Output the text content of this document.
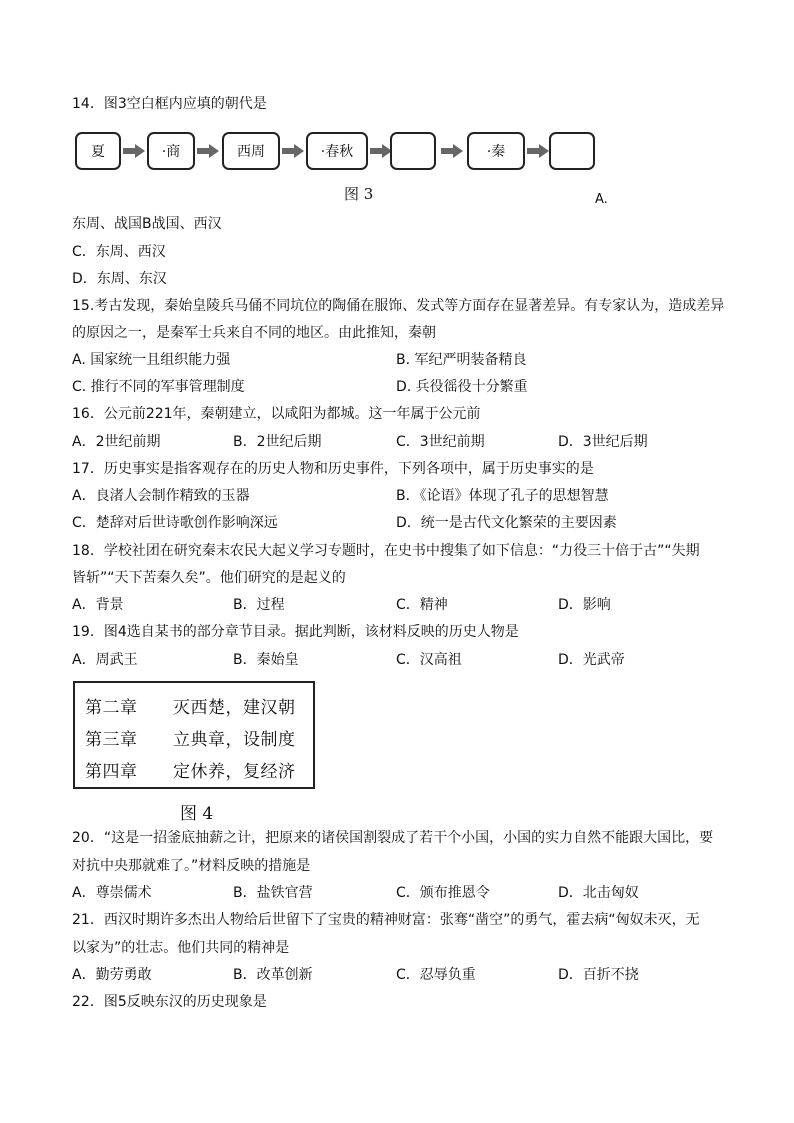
14．图3空白框内应填的朝代是
夏	·商	西周	·春秋	·秦
图 3	A.
东周、战国B战国、西汉
C．东周、西汉
D．东周、东汉
15.考古发现，秦始皇陵兵马俑不同坑位的陶俑在服饰、发式等方面存在显著差异。有专家认为，造成差异
的原因之一，是秦军士兵来自不同的地区。由此推知，秦朝
A. 国家统一且组织能力强	B. 军纪严明装备精良
C. 推行不同的军事管理制度	D. 兵役徭役十分繁重
16．公元前221年，秦朝建立，以咸阳为都城。这一年属于公元前
A．2世纪前期	B．2世纪后期	C．3世纪前期	D．3世纪后期
17．历史事实是指客观存在的历史人物和历史事件，下列各项中，属于历史事实的是
A．良渚人会制作精致的玉器	B．《论语》体现了孔子的思想智慧
C．楚辞对后世诗歌创作影响深远	D．统一是古代文化繁荣的主要因素
18．学校社团在研究秦末农民大起义学习专题时，在史书中搜集了如下信息：“力役三十倍于古”“失期
皆斩”“天下苦秦久矣”。他们研究的是起义的
A．背景	B．过程	C．精神	D．影响
19．图4选自某书的部分章节目录。据此判断，该材料反映的历史人物是
A．周武王	B．秦始皇	C．汉高祖	D．光武帝
第二章 灭西楚，建汉朝
第三章 立典章，设制度
第四章 定休养，复经济
图 4
20．“这是一招釜底抽薪之计，把原来的诸侯国割裂成了若干个小国，小国的实力自然不能跟大国比，要
对抗中央那就难了。”材料反映的措施是
A．尊崇儒术	B．盐铁官营	C．颁布推恩令	D．北击匈奴
21．西汉时期许多杰出人物给后世留下了宝贵的精神财富：张骞“凿空”的勇气，霍去病“匈奴未灭，无
以家为”的壮志。他们共同的精神是
A．勤劳勇敢	B．改革创新	C．忍辱负重	D．百折不挠
22．图5反映东汉的历史现象是
